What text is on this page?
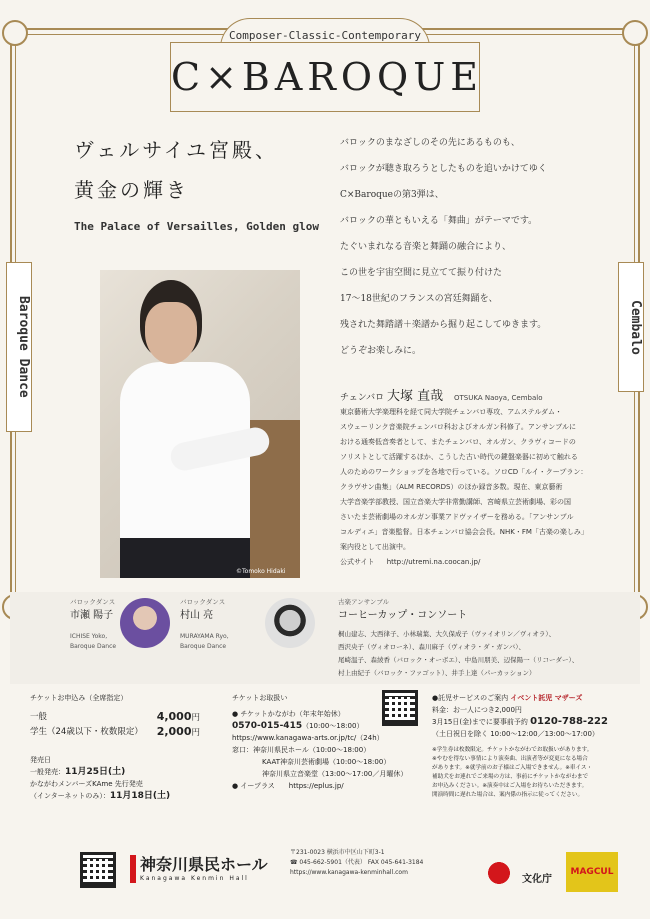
Composer-Classic-Contemporary
C×BAROQUE
Baroque Dance	Cembalo
ヴェルサイユ宮殿、
黄金の輝き
The Palace of Versailles, Golden glow
バロックのまなざしのその先にあるものも、
バロックが聴き取ろうとしたものを追いかけてゆく
C×Baroqueの第3弾は、
バロックの華ともいえる「舞曲」がテーマです。
たぐいまれなる音楽と舞踊の融合により、
この世を宇宙空間に見立てて振り付けた
17〜18世紀のフランスの宮廷舞踊を、
残された舞踏譜＋楽譜から掘り起こしてゆきます。
どうぞお楽しみに。
©Tomoko Hidaki
チェンバロ 大塚 直哉 OTSUKA Naoya, Cembalo
東京藝術大学楽理科を経て同大学院チェンバロ専攻、アムステルダム・
スウェーリンク音楽院チェンバロ科およびオルガン科修了。アンサンブルに
おける通奏低音奏者として、またチェンバロ、オルガン、クラヴィコードの
ソリストとして活躍するほか、こうした古い時代の鍵盤楽器に初めて触れる
人のためのワークショップを各地で行っている。ソロCD「ルイ・クープラン：
クラヴサン曲集」（ALM RECORDS）のほか録音多数。現在、東京藝術
大学音楽学部教授、国立音楽大学非常勤講師、宮崎県立芸術劇場、彩の国
さいたま芸術劇場のオルガン事業アドヴァイザーを務める。「アンサンブル
コルディエ」音楽監督。日本チェンバロ協会会長。NHK・FM「古楽の楽しみ」
案内役として出演中。
公式サイト http://utremi.na.coocan.jp/
バロックダンス
市瀬 陽子
ICHISE Yoko,
Baroque Dance
バロックダンス
村山 亮
MURAYAMA Ryo,
Baroque Dance
古楽アンサンブル
コーヒーカップ・コンソート
桐山建志、大西律子、小林瑞葉、大久保成子（ヴァイオリン／ヴィオラ）、
西沢央子（ヴィオローネ）、森川麻子（ヴィオラ・ダ・ガンバ）、
尾崎温子、森綾香（バロック・オーボエ）、中島川朋美、辺保陽一（リコーダー）、
村上由紀子（バロック・ファゴット）、井手上達（パーカッション）
チケットお申込み（全席指定）
一般	4,000円
学生（24歳以下・枚数限定） 2,000円
発売日
一般発売：11月25日(土)
かながわメンバーズKAme 先行発売
（インターネットのみ）：11月18日(土)
チケットお取扱い
● チケットかながわ（年末年始休）
0570-015-415（10:00〜18:00）
https://www.kanagawa-arts.or.jp/tc/（24h）
窓口：神奈川県民ホール（10:00〜18:00）
KAAT神奈川芸術劇場（10:00〜18:00）
神奈川県立音楽堂（13:00〜17:00／月曜休）
● イープラス https://eplus.jp/
●託児サービスのご案内 イベント託児 マザーズ
料金：お一人につき2,000円
3月15日(金)までに要事前予約 0120-788-222
（土日祝日を除く 10:00〜12:00／13:00〜17:00）
※学生券は枚数限定。チケットかながわでお取扱いがあります。
※やむを得ない事情により演奏曲、出演者等が変更になる場合
があります。※就学前のお子様はご入場できません。※車イス・
補助犬をお連れでご来場の方は、事前にチケットかながわまで
お申込みください。※演奏中はご入場をお待ちいただきます。
開演時間に遅れた場合は、案内係の指示に従ってください。
神奈川県民ホール
Kanagawa Kenmin Hall
〒231-0023 横浜市中区山下町3-1
☎ 045-662-5901（代表） FAX 045-641-3184
https://www.kanagawa-kenminhall.com
文化庁
MAGCUL
